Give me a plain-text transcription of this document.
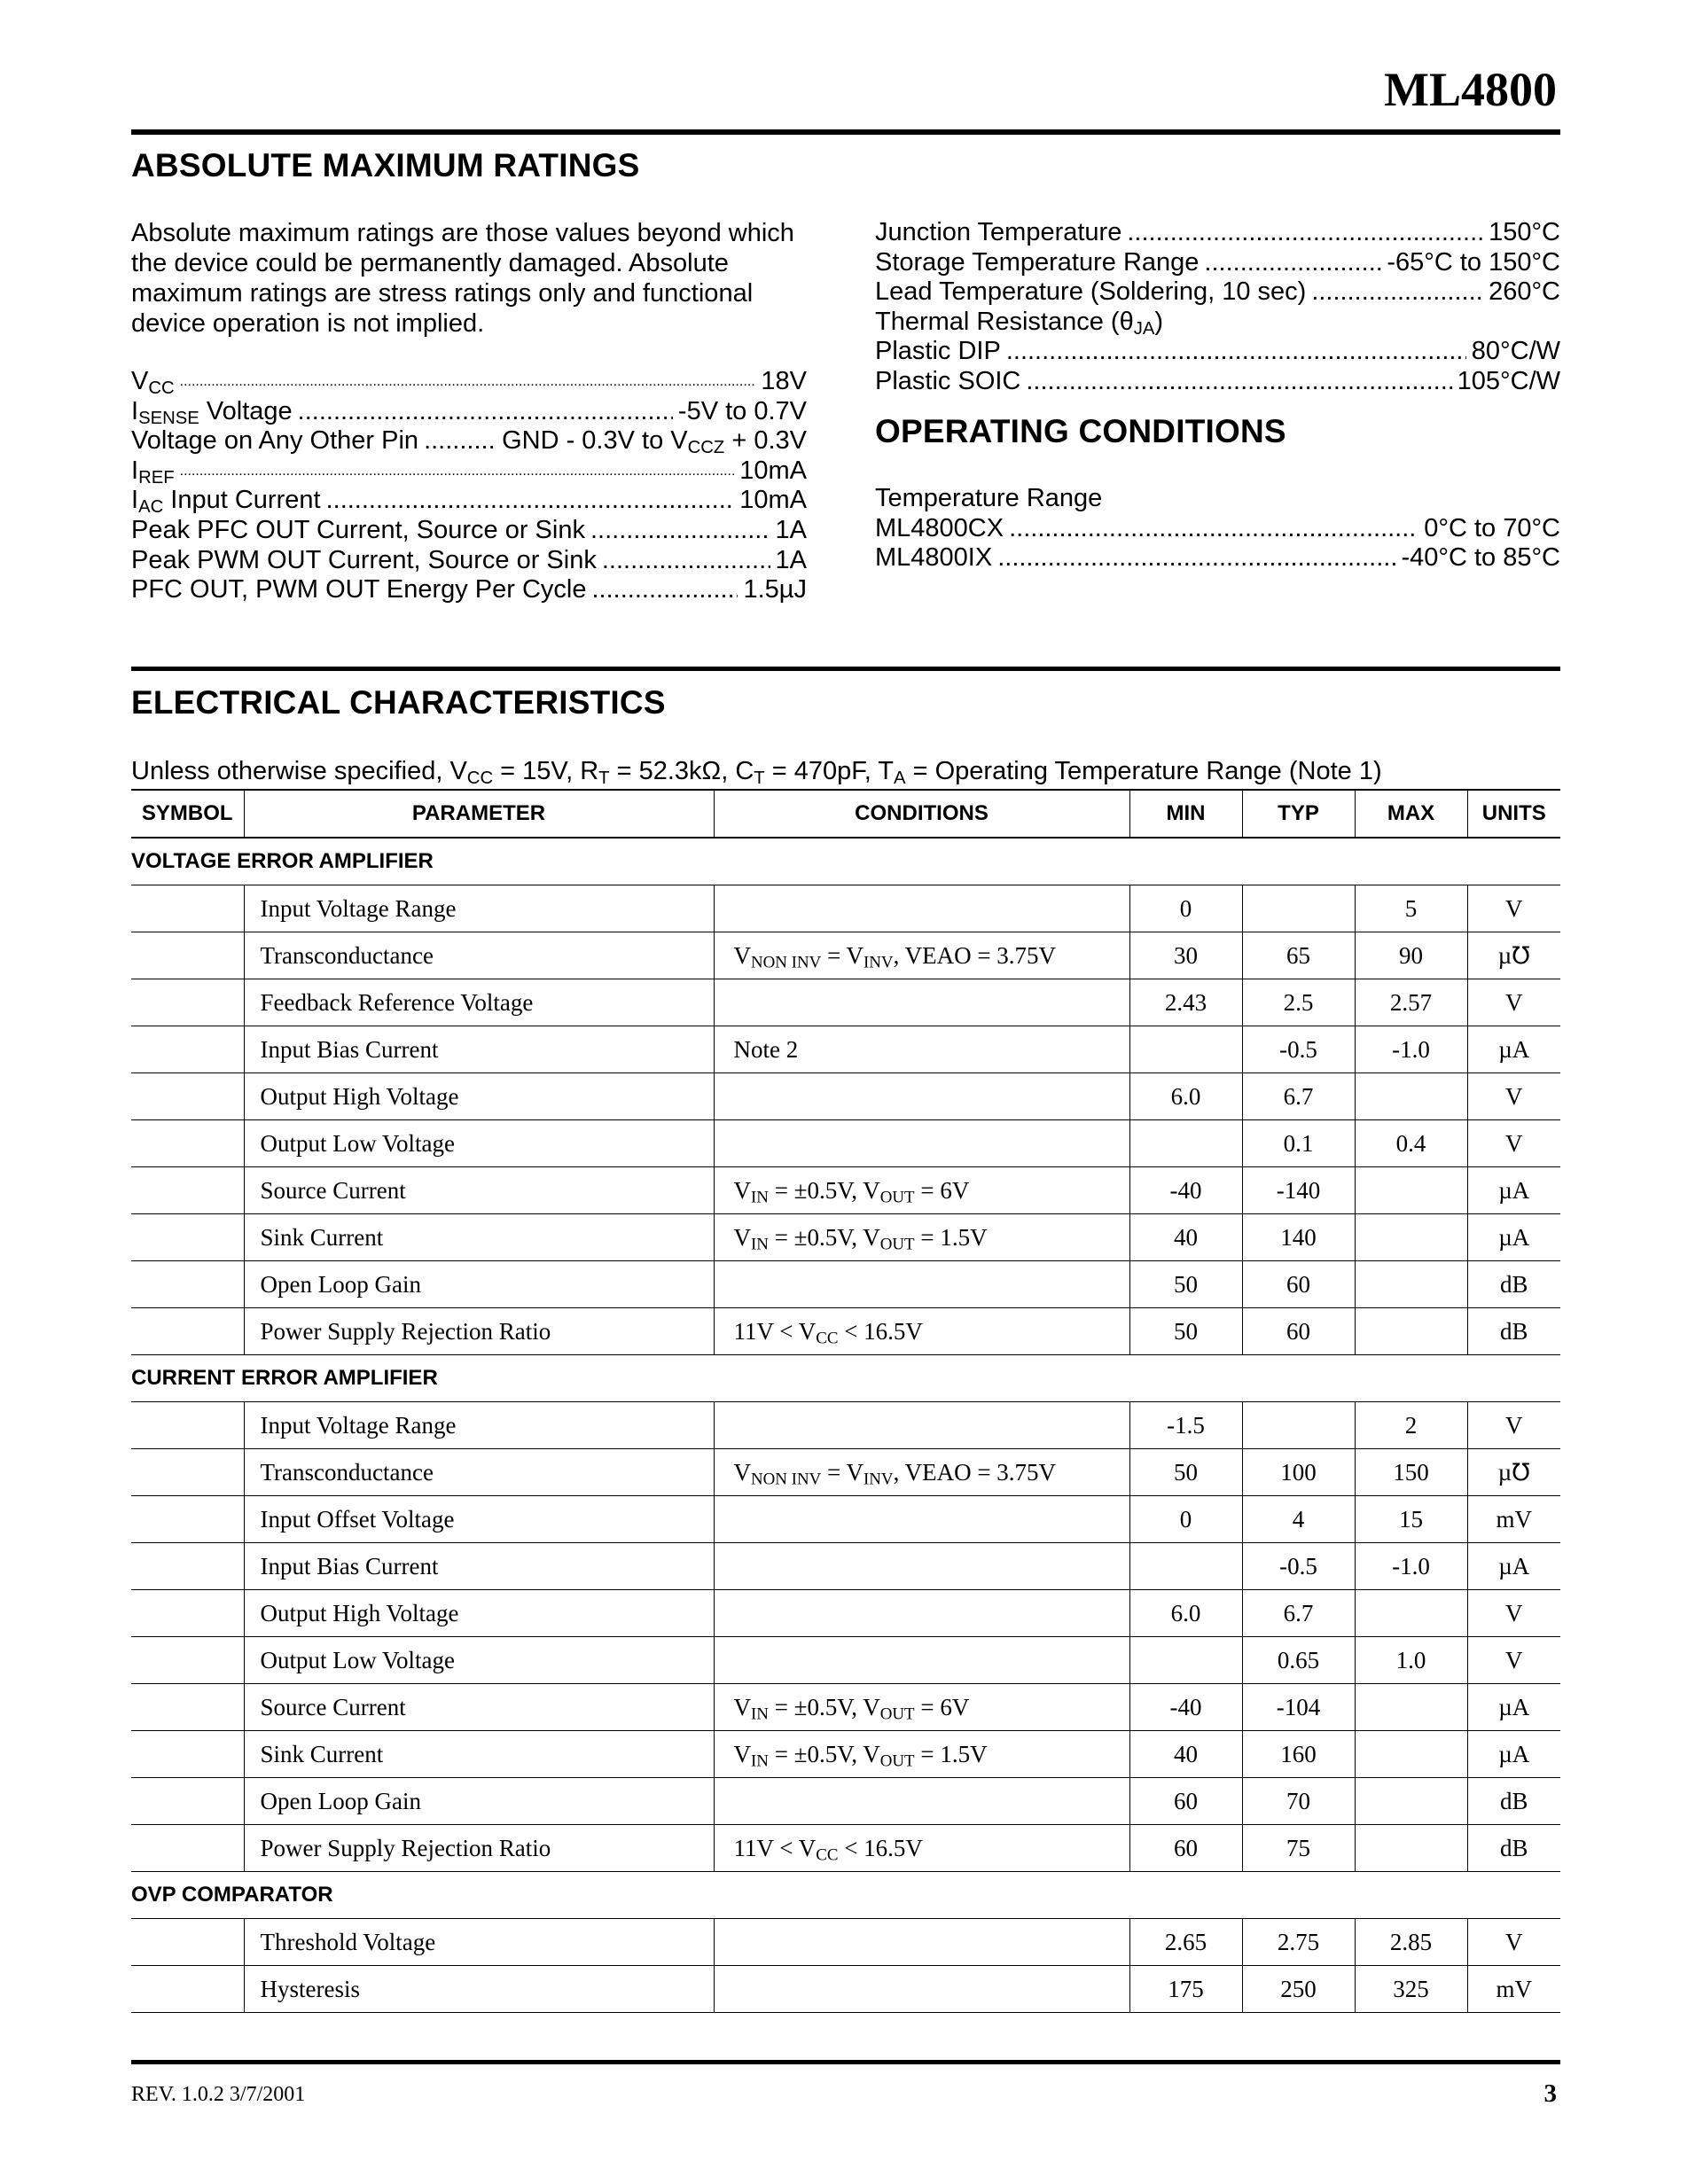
ML4800
ABSOLUTE MAXIMUM RATINGS
Absolute maximum ratings are those values beyond which the device could be permanently damaged. Absolute maximum ratings are stress ratings only and functional device operation is not implied.
$V_{CC}$ .....	18V
$I_{SENSE}$ Voltage .....	-5V to 0.7V
Voltage on Any Other Pin .....	GND - 0.3V to $V_{CCZ} + 0.3V$
$I_{REF}$ .....	10mA
$I_{AC}$ Input Current .....	10mA
Peak PFC OUT Current, Source or Sink .....	1A
Peak PWM OUT Current, Source or Sink .....	1A
PFC OUT, PWM OUT Energy Per Cycle .....	1.5µJ
Junction Temperature .....	150°C
Storage Temperature Range .....	-65°C to 150°C
Lead Temperature (Soldering, 10 sec) .....	260°C
Thermal Resistance $(\theta_{JA})$
Plastic DIP .....	80°C/W
Plastic SOIC .....	105°C/W
OPERATING CONDITIONS
Temperature Range
ML4800CX .....	0°C to 70°C
ML4800IX .....	-40°C to 85°C
ELECTRICAL CHARACTERISTICS
Unless otherwise specified, $V_{CC} = 15V$, $R_T = 52.3k\Omega$, $C_T = 470pF$, $T_A$ = Operating Temperature Range (Note 1)
SYMBOL	PARAMETER	CONDITIONS	MIN	TYP	MAX	UNITS
VOLTAGE ERROR AMPLIFIER						
	Input Voltage Range		0		5	V
	Transconductance	$V_{NON INV} = V_{INV}$, VEAO = 3.75V	30	65	90	µ℧
	Feedback Reference Voltage		2.43	2.5	2.57	V
	Input Bias Current	Note 2		-0.5	-1.0	µA
	Output High Voltage		6.0	6.7		V
	Output Low Voltage			0.1	0.4	V
	Source Current	$V_{IN} = \pm 0.5V$, $V_{OUT} = 6V$	-40	-140		µA
	Sink Current	$V_{IN} = \pm 0.5V$, $V_{OUT} = 1.5V$	40	140		µA
	Open Loop Gain		50	60		dB
	Power Supply Rejection Ratio	$11V < V_{CC} < 16.5V$	50	60		dB
CURRENT ERROR AMPLIFIER						
	Input Voltage Range		-1.5		2	V
	Transconductance	$V_{NON INV} = V_{INV}$, VEAO = 3.75V	50	100	150	µ℧
	Input Offset Voltage		0	4	15	mV
	Input Bias Current			-0.5	-1.0	µA
	Output High Voltage		6.0	6.7		V
	Output Low Voltage			0.65	1.0	V
	Source Current	$V_{IN} = \pm 0.5V$, $V_{OUT} = 6V$	-40	-104		µA
	Sink Current	$V_{IN} = \pm 0.5V$, $V_{OUT} = 1.5V$	40	160		µA
	Open Loop Gain		60	70		dB
	Power Supply Rejection Ratio	$11V < V_{CC} < 16.5V$	60	75		dB
OVP COMPARATOR						
	Threshold Voltage		2.65	2.75	2.85	V
	Hysteresis		175	250	325	mV
REV. 1.0.2 3/7/2001	3
